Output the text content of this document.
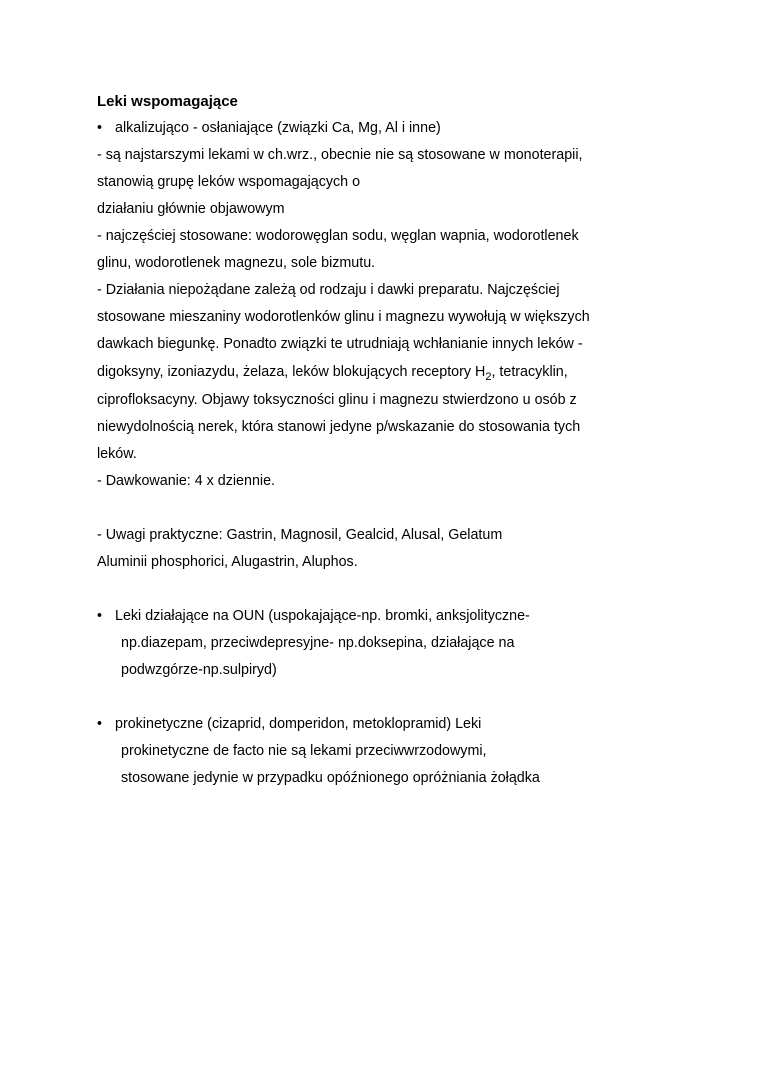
Leki wspomagające
• alkalizująco - osłaniające (związki Ca, Mg, Al i inne)
- są najstarszymi lekami w ch.wrz., obecnie nie są stosowane w monoterapii,
stanowią grupę leków wspomagających o
działaniu głównie objawowym
- najczęściej stosowane: wodorowęglan sodu, węglan wapnia, wodorotlenek
glinu, wodorotlenek magnezu, sole bizmutu.
- Działania niepożądane zależą od rodzaju i dawki preparatu. Najczęściej
stosowane mieszaniny wodorotlenków glinu i magnezu wywołują w większych
dawkach biegunkę. Ponadto związki te utrudniają wchłanianie innych leków -
digoksyny, izoniazydu, żelaza, leków blokujących receptory $H_2$, tetracyklin,
ciprofloksacyny. Objawy toksyczności glinu i magnezu stwierdzono u osób z
niewydolnością nerek, która stanowi jedyne p/wskazanie do stosowania tych
leków.
- Dawkowanie: 4 x dziennie.
- Uwagi praktyczne: Gastrin, Magnosil, Gealcid, Alusal, Gelatum
Aluminii phosphorici, Alugastrin, Aluphos.
• Leki działające na OUN (uspokajające-np. bromki, anksjolityczne-
np.diazepam, przeciwdepresyjne- np.doksepina, działające na
podwzgórze-np.sulpiryd)
• prokinetyczne (cizaprid, domperidon, metoklopramid) Leki
prokinetyczne de facto nie są lekami przeciwwrzodowymi,
stosowane jedynie w przypadku opóźnionego opróżniania żołądka
